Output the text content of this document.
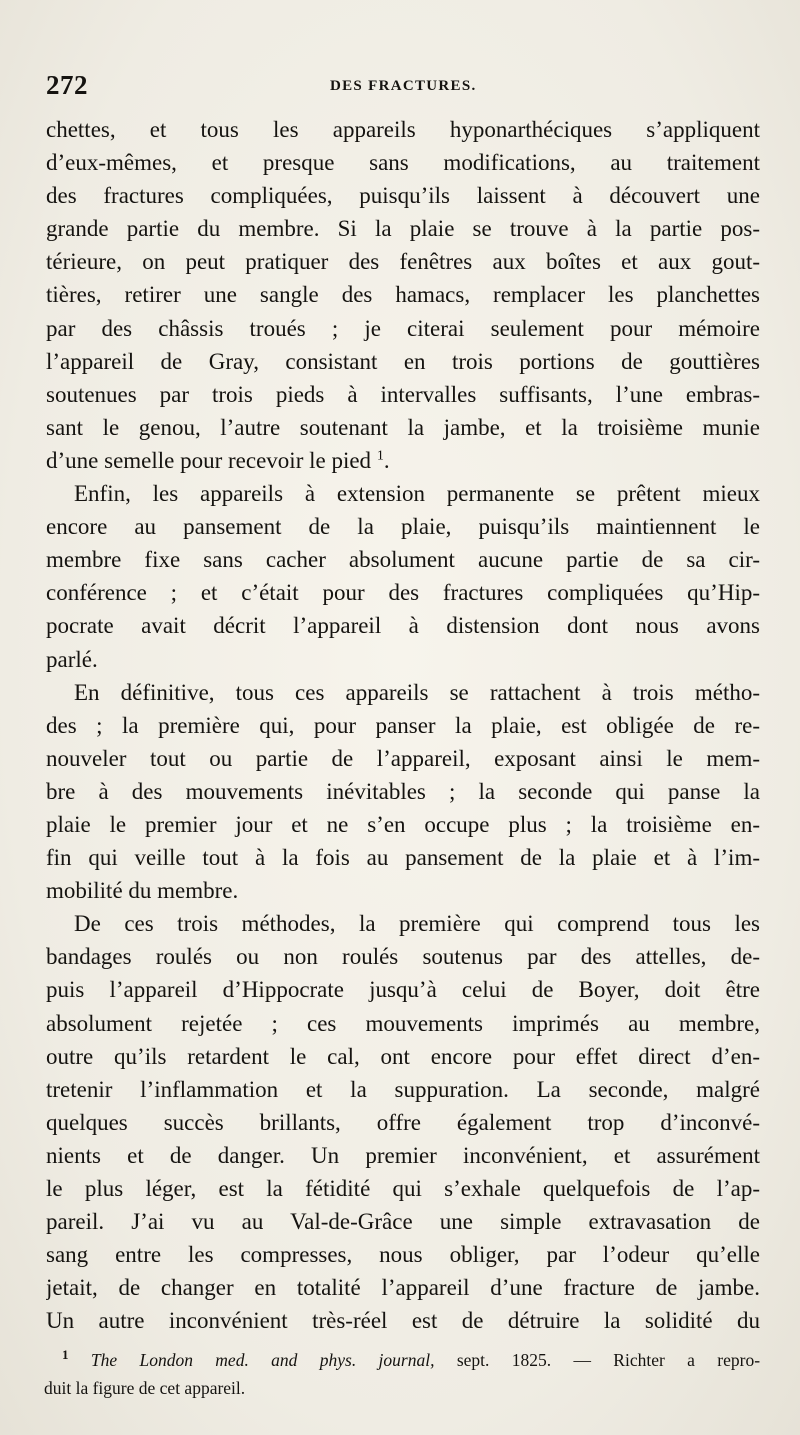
272	DES FRACTURES.
chettes, et tous les appareils hyponarthéciques s’appliquent
d’eux-mêmes, et presque sans modifications, au traitement
des fractures compliquées, puisqu’ils laissent à découvert une
grande partie du membre. Si la plaie se trouve à la partie pos-
térieure, on peut pratiquer des fenêtres aux boîtes et aux gout-
tières, retirer une sangle des hamacs, remplacer les planchettes
par des châssis troués ; je citerai seulement pour mémoire
l’appareil de Gray, consistant en trois portions de gouttières
soutenues par trois pieds à intervalles suffisants, l’une embras-
sant le genou, l’autre soutenant la jambe, et la troisième munie
d’une semelle pour recevoir le pied $^1$.
Enfin, les appareils à extension permanente se prêtent mieux
encore au pansement de la plaie, puisqu’ils maintiennent le
membre fixe sans cacher absolument aucune partie de sa cir-
conférence ; et c’était pour des fractures compliquées qu’Hip-
pocrate avait décrit l’appareil à distension dont nous avons
parlé.
En définitive, tous ces appareils se rattachent à trois métho-
des ; la première qui, pour panser la plaie, est obligée de re-
nouveler tout ou partie de l’appareil, exposant ainsi le mem-
bre à des mouvements inévitables ; la seconde qui panse la
plaie le premier jour et ne s’en occupe plus ; la troisième en-
fin qui veille tout à la fois au pansement de la plaie et à l’im-
mobilité du membre.
De ces trois méthodes, la première qui comprend tous les
bandages roulés ou non roulés soutenus par des attelles, de-
puis l’appareil d’Hippocrate jusqu’à celui de Boyer, doit être
absolument rejetée ; ces mouvements imprimés au membre,
outre qu’ils retardent le cal, ont encore pour effet direct d’en-
tretenir l’inflammation et la suppuration. La seconde, malgré
quelques succès brillants, offre également trop d’inconvé-
nients et de danger. Un premier inconvénient, et assurément
le plus léger, est la fétidité qui s’exhale quelquefois de l’ap-
pareil. J’ai vu au Val-de-Grâce une simple extravasation de
sang entre les compresses, nous obliger, par l’odeur qu’elle
jetait, de changer en totalité l’appareil d’une fracture de jambe.
Un autre inconvénient très-réel est de détruire la solidité du
$^1$ The London med. and phys. journal, sept. 1825. — Richter a repro-
duit la figure de cet appareil.
